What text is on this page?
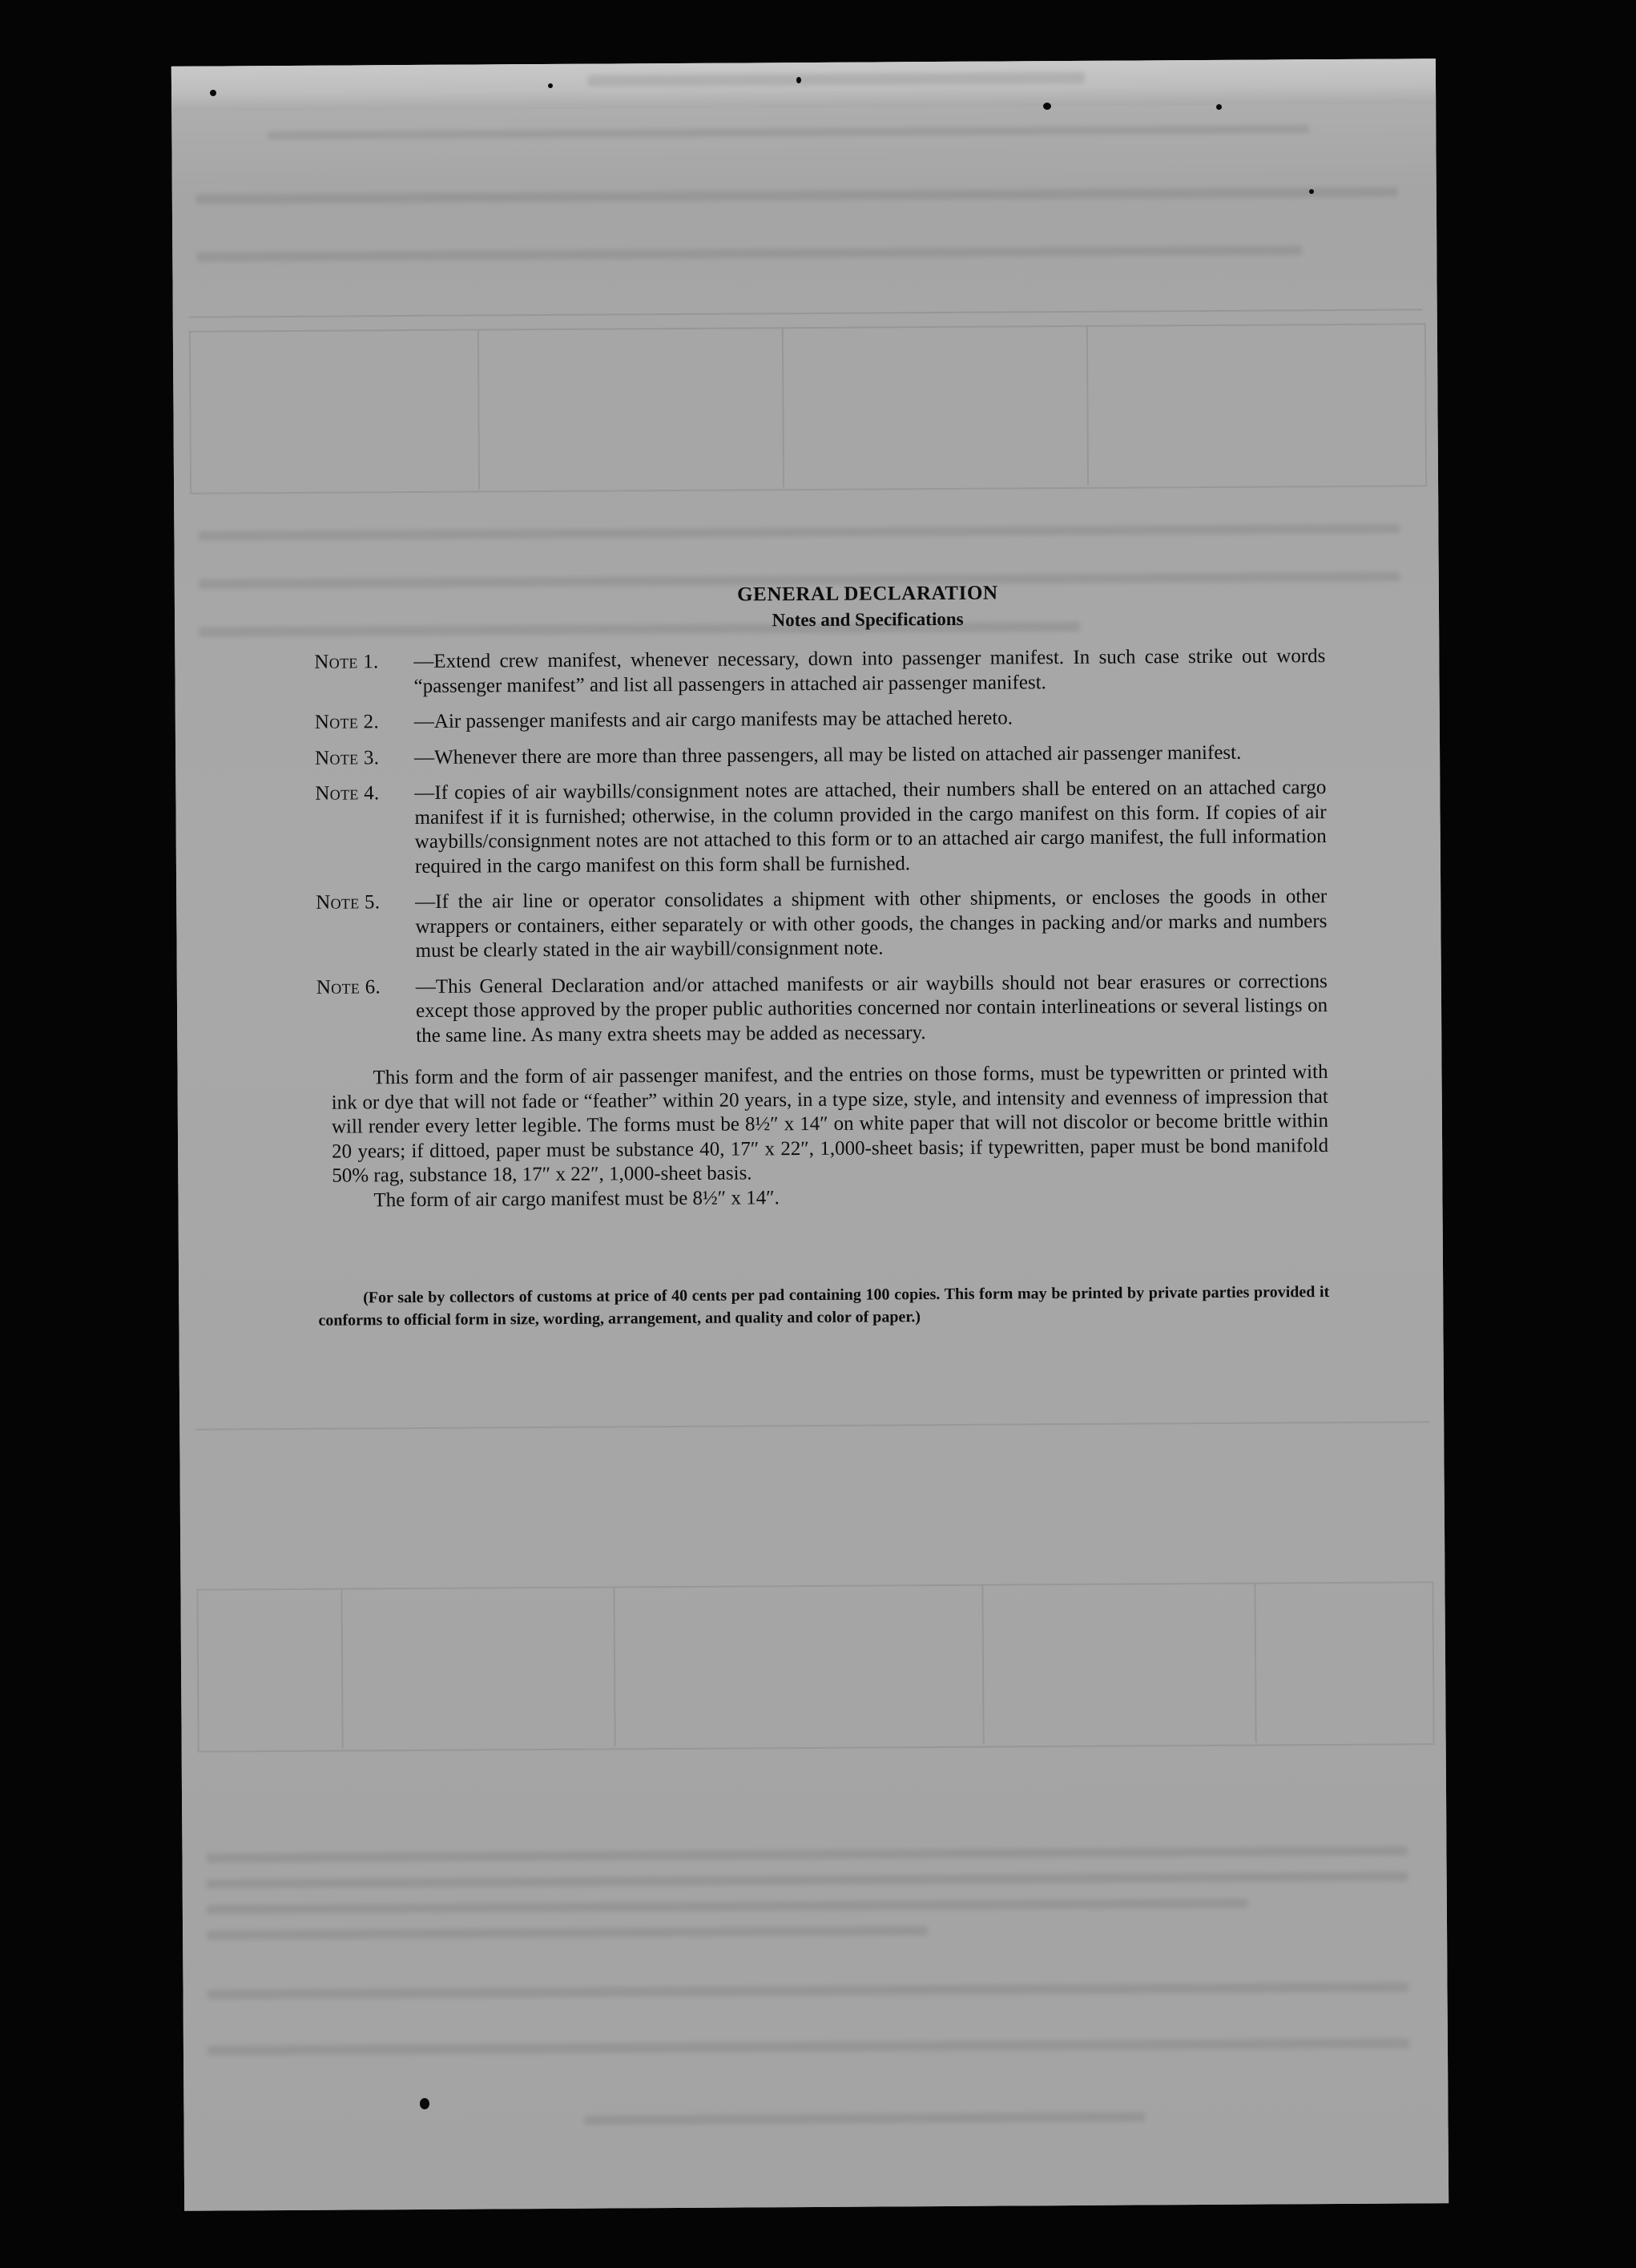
GENERAL DECLARATION
Notes and Specifications
Note 1. —Extend crew manifest, whenever necessary, down into passenger manifest. In such case strike out words “passenger manifest” and list all passengers in attached air passenger manifest.
Note 2. —Air passenger manifests and air cargo manifests may be attached hereto.
Note 3. —Whenever there are more than three passengers, all may be listed on attached air passenger manifest.
Note 4. —If copies of air waybills/consignment notes are attached, their numbers shall be entered on an attached cargo manifest if it is furnished; otherwise, in the column provided in the cargo manifest on this form. If copies of air waybills/consignment notes are not attached to this form or to an attached air cargo manifest, the full information required in the cargo manifest on this form shall be furnished.
Note 5. —If the air line or operator consolidates a shipment with other shipments, or encloses the goods in other wrappers or containers, either separately or with other goods, the changes in packing and/or marks and numbers must be clearly stated in the air waybill/consignment note.
Note 6. —This General Declaration and/or attached manifests or air waybills should not bear erasures or corrections except those approved by the proper public authorities concerned nor contain interlineations or several listings on the same line. As many extra sheets may be added as necessary.
This form and the form of air passenger manifest, and the entries on those forms, must be typewritten or printed with ink or dye that will not fade or “feather” within 20 years, in a type size, style, and intensity and evenness of impression that will render every letter legible. The forms must be 8½″ x 14″ on white paper that will not discolor or become brittle within 20 years; if dittoed, paper must be substance 40, 17″ x 22″, 1,000-sheet basis; if typewritten, paper must be bond manifold 50% rag, substance 18, 17″ x 22″, 1,000-sheet basis.
The form of air cargo manifest must be 8½″ x 14″.
(For sale by collectors of customs at price of 40 cents per pad containing 100 copies. This form may be printed by private parties provided it conforms to official form in size, wording, arrangement, and quality and color of paper.)
